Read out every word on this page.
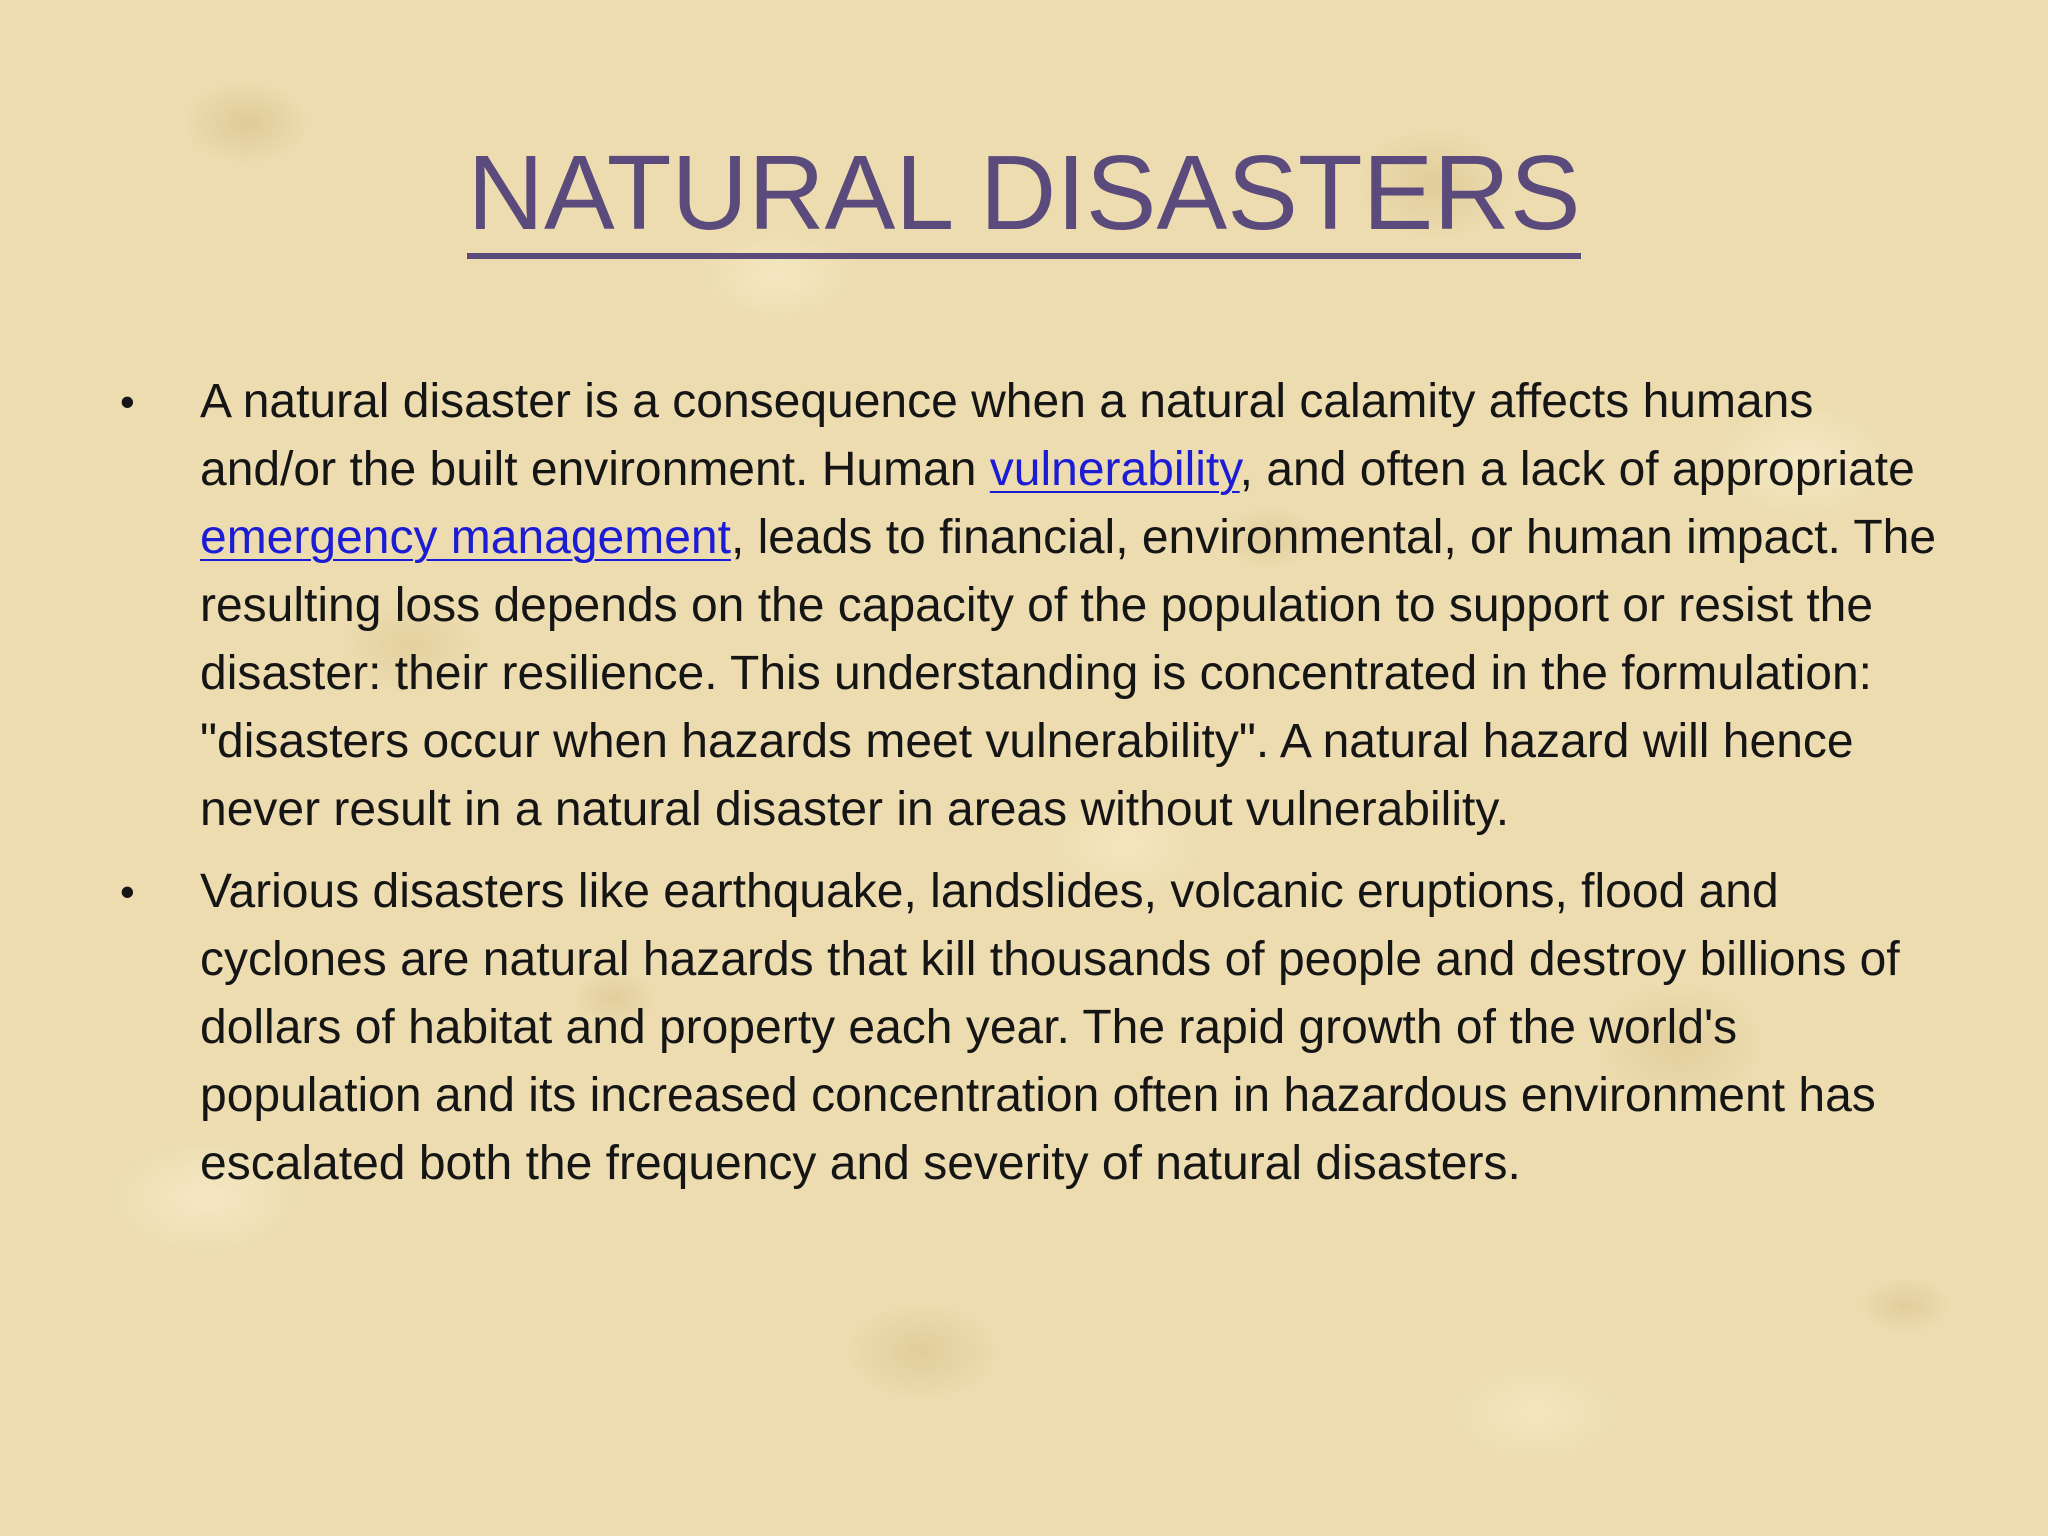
NATURAL DISASTERS
• A natural disaster is a consequence when a natural calamity affects humans and/or the built environment. Human vulnerability, and often a lack of appropriate emergency management, leads to financial, environmental, or human impact. The resulting loss depends on the capacity of the population to support or resist the disaster: their resilience. This understanding is concentrated in the formulation: "disasters occur when hazards meet vulnerability". A natural hazard will hence never result in a natural disaster in areas without vulnerability.
• Various disasters like earthquake, landslides, volcanic eruptions, flood and cyclones are natural hazards that kill thousands of people and destroy billions of dollars of habitat and property each year. The rapid growth of the world's population and its increased concentration often in hazardous environment has escalated both the frequency and severity of natural disasters.
